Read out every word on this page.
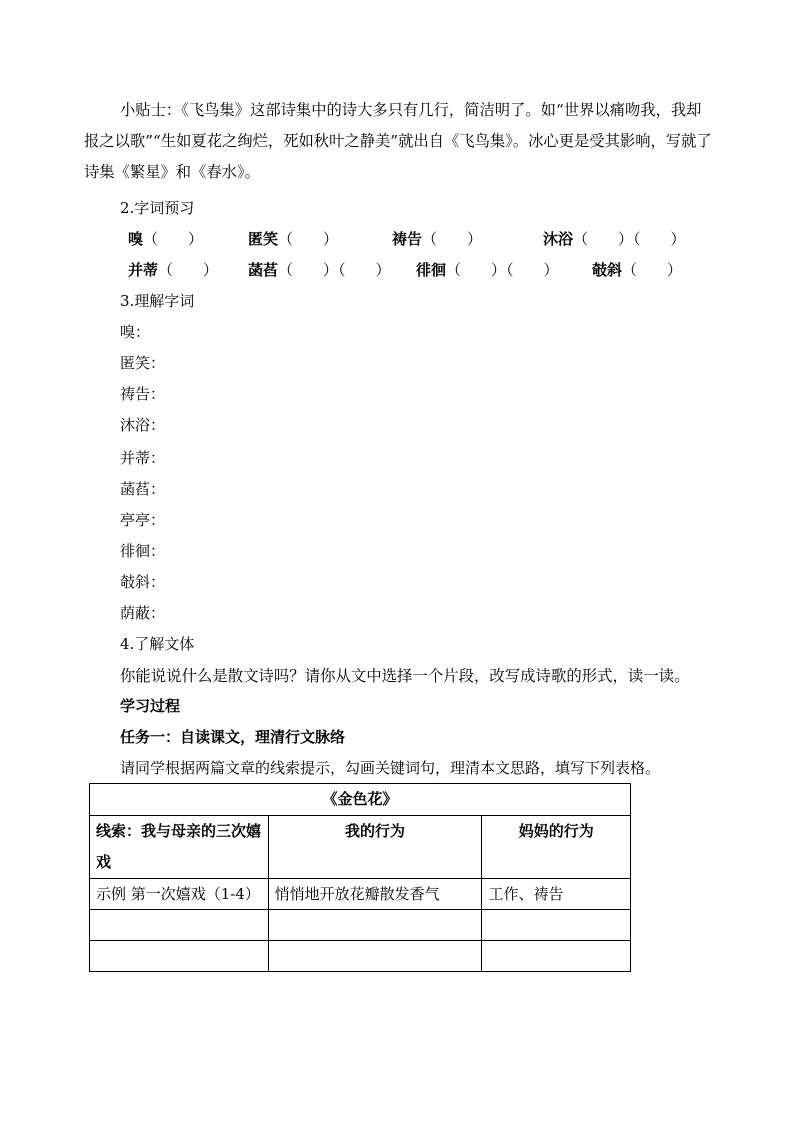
小贴士：《飞鸟集》这部诗集中的诗大多只有几行，简洁明了。如“世界以痛吻我，我却报之以歌”“生如夏花之绚烂，死如秋叶之静美”就出自《飞鸟集》。冰心更是受其影响，写就了诗集《繁星》和《春水》。
2.字词预习
嗅（　　）	匿笑（　　）	祷告（　　）	沐浴（　　）（　　）
并蒂（　　） 菡萏（　　）（　　） 徘徊（　　）（　　） 攲斜（　　）
3.理解字词
嗅：
匿笑：
祷告：
沐浴：
并蒂：
菡萏：
亭亭：
徘徊：
攲斜：
荫蔽：
4.了解文体
你能说说什么是散文诗吗？请你从文中选择一个片段，改写成诗歌的形式，读一读。
学习过程
任务一：自读课文，理清行文脉络
请同学根据两篇文章的线索提示，勾画关键词句，理清本文思路，填写下列表格。
《金色花》		
线索：我与母亲的三次嬉戏	我的行为	妈妈的行为
示例 第一次嬉戏（1-4）	悄悄地开放花瓣散发香气	工作、祷告
